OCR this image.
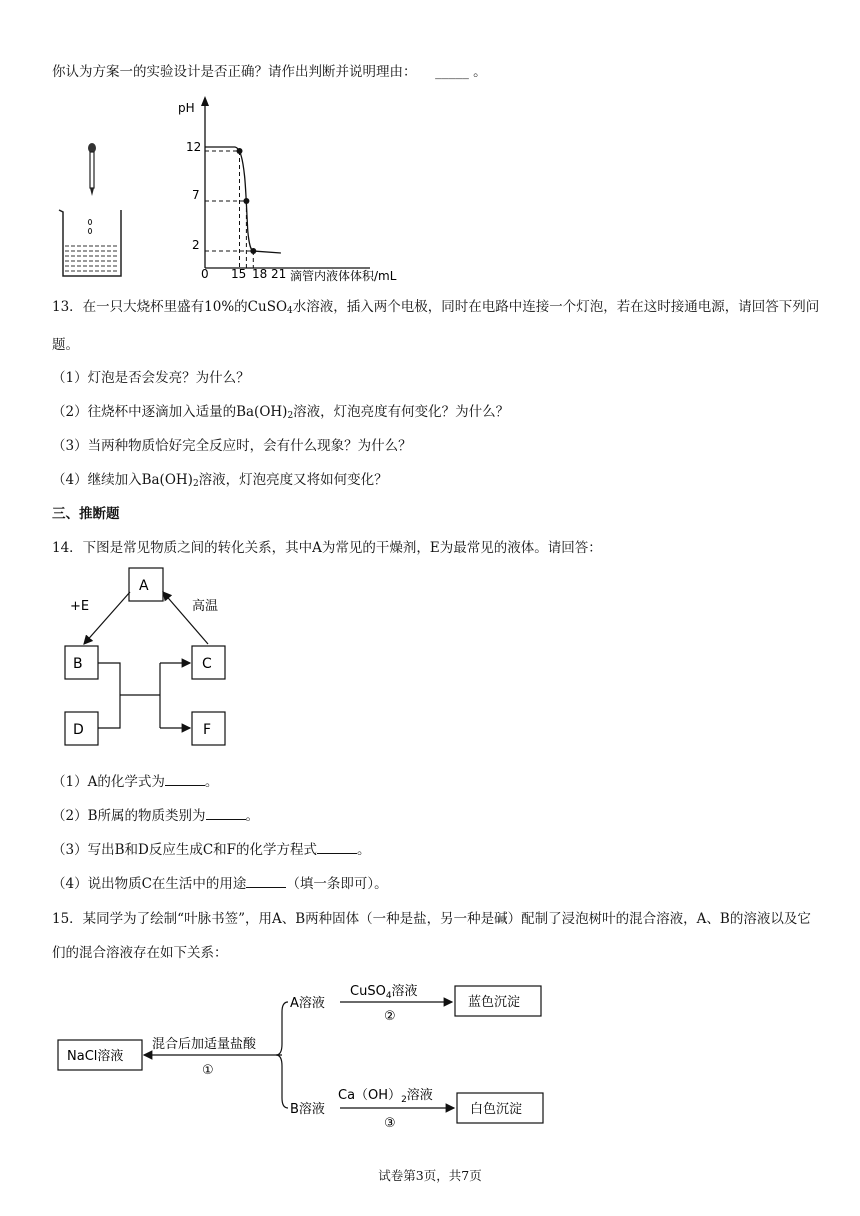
你认为方案一的实验设计是否正确？请作出判断并说明理由： _____ 。
pH
滴管内液体体积/mL
12
7
2
0 15 18 21
13．在一只大烧杯里盛有10%的CuSO$_4$水溶液，插入两个电极，同时在电路中连接一个灯泡，若在这时接通电源，请回答下列问题。
（1）灯泡是否会发亮？为什么？
（2）往烧杯中逐滴加入适量的$Ba(OH)_2$溶液，灯泡亮度有何变化？为什么？
（3）当两种物质恰好完全反应时，会有什么现象？为什么？
（4）继续加入$Ba(OH)_2$溶液，灯泡亮度又将如何变化？
三、推断题
14．下图是常见物质之间的转化关系，其中A为常见的干燥剂，E为最常见的液体。请回答：
A
B	C
D	F
+E	高温
（1）A的化学式为	。
（2）B所属的物质类别为	。
（3）写出B和D反应生成C和F的化学方程式	。
（4）说出物质C在生活中的用途	（填一条即可）。
15．某同学为了绘制“叶脉书签”，用A、B两种固体（一种是盐，另一种是碱）配制了浸泡树叶的混合溶液，A、B的溶液以及它们的混合溶液存在如下关系：
NaCl溶液
混合后加适量盐酸
①
A溶液
CuSO$_4$溶液
②
蓝色沉淀
B溶液
$Ca(OH)_2$溶液
③
白色沉淀
试卷第3页，共7页
